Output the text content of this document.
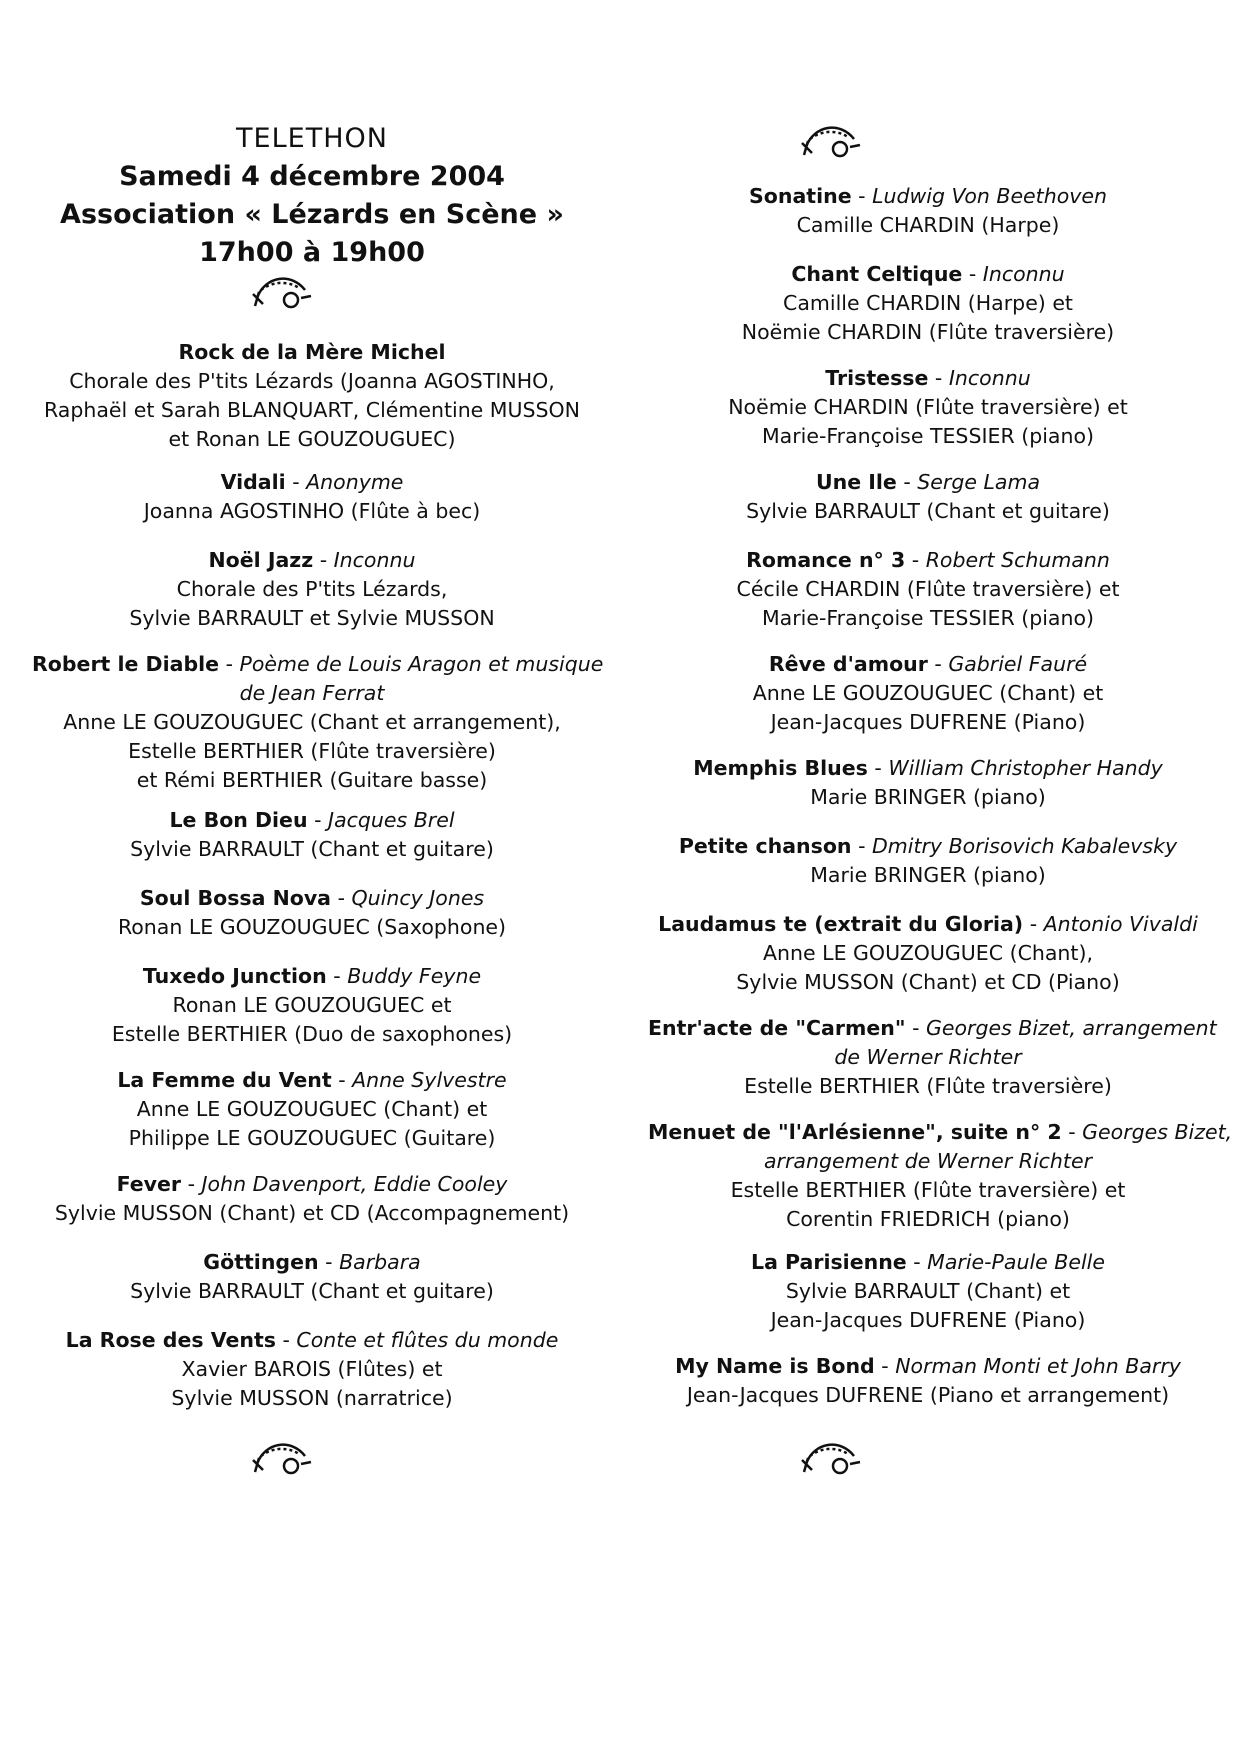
TELETHON
Samedi 4 décembre 2004
Association « Lézards en Scène »
17h00 à 19h00
Rock de la Mère Michel
Chorale des P'tits Lézards (Joanna AGOSTINHO,
Raphaël et Sarah BLANQUART, Clémentine MUSSON
et Ronan LE GOUZOUGUEC)
Vidali - Anonyme
Joanna AGOSTINHO (Flûte à bec)
Noël Jazz - Inconnu
Chorale des P'tits Lézards,
Sylvie BARRAULT et Sylvie MUSSON
Robert le Diable - Poème de Louis Aragon et musique
de Jean Ferrat
Anne LE GOUZOUGUEC (Chant et arrangement),
Estelle BERTHIER (Flûte traversière)
et Rémi BERTHIER (Guitare basse)
Le Bon Dieu - Jacques Brel
Sylvie BARRAULT (Chant et guitare)
Soul Bossa Nova - Quincy Jones
Ronan LE GOUZOUGUEC (Saxophone)
Tuxedo Junction - Buddy Feyne
Ronan LE GOUZOUGUEC et
Estelle BERTHIER (Duo de saxophones)
La Femme du Vent - Anne Sylvestre
Anne LE GOUZOUGUEC (Chant) et
Philippe LE GOUZOUGUEC (Guitare)
Fever - John Davenport, Eddie Cooley
Sylvie MUSSON (Chant) et CD (Accompagnement)
Göttingen - Barbara
Sylvie BARRAULT (Chant et guitare)
La Rose des Vents - Conte et flûtes du monde
Xavier BAROIS (Flûtes) et
Sylvie MUSSON (narratrice)
Sonatine - Ludwig Von Beethoven
Camille CHARDIN (Harpe)
Chant Celtique - Inconnu
Camille CHARDIN (Harpe) et
Noëmie CHARDIN (Flûte traversière)
Tristesse - Inconnu
Noëmie CHARDIN (Flûte traversière) et
Marie-Françoise TESSIER (piano)
Une Ile - Serge Lama
Sylvie BARRAULT (Chant et guitare)
Romance n° 3 - Robert Schumann
Cécile CHARDIN (Flûte traversière) et
Marie-Françoise TESSIER (piano)
Rêve d'amour - Gabriel Fauré
Anne LE GOUZOUGUEC (Chant) et
Jean-Jacques DUFRENE (Piano)
Memphis Blues - William Christopher Handy
Marie BRINGER (piano)
Petite chanson - Dmitry Borisovich Kabalevsky
Marie BRINGER (piano)
Laudamus te (extrait du Gloria) - Antonio Vivaldi
Anne LE GOUZOUGUEC (Chant),
Sylvie MUSSON (Chant) et CD (Piano)
Entr'acte de "Carmen" - Georges Bizet, arrangement
de Werner Richter
Estelle BERTHIER (Flûte traversière)
Menuet de "l'Arlésienne", suite n° 2 - Georges Bizet,
arrangement de Werner Richter
Estelle BERTHIER (Flûte traversière) et
Corentin FRIEDRICH (piano)
La Parisienne - Marie-Paule Belle
Sylvie BARRAULT (Chant) et
Jean-Jacques DUFRENE (Piano)
My Name is Bond - Norman Monti et John Barry
Jean-Jacques DUFRENE (Piano et arrangement)
